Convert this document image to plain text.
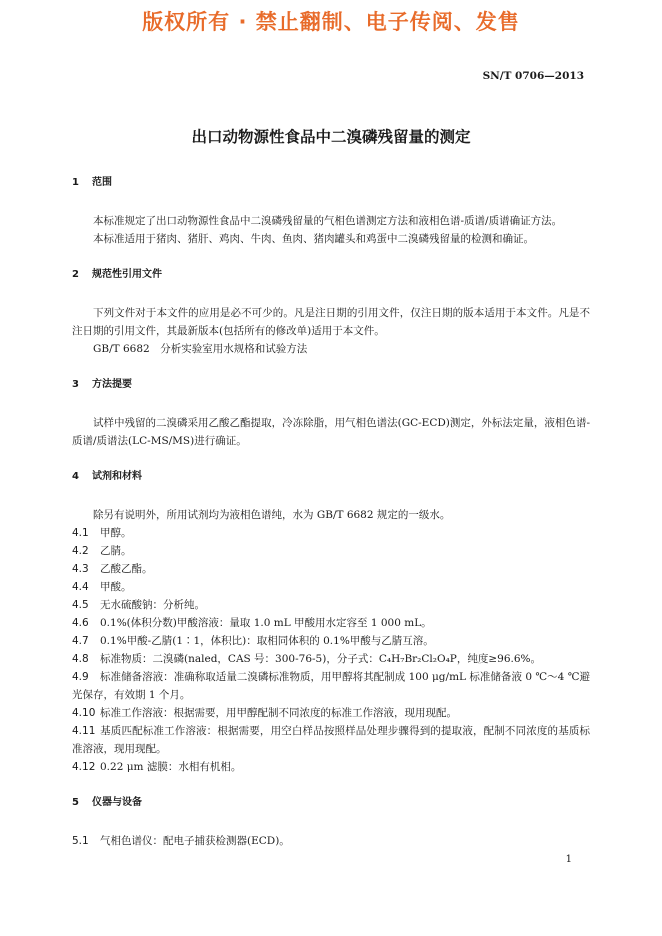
版权所有 · 禁止翻制、电子传阅、发售
SN/T 0706—2013
出口动物源性食品中二溴磷残留量的测定
1 范围

本标准规定了出口动物源性食品中二溴磷残留量的气相色谱测定方法和液相色谱-质谱/质谱确证方法。

本标准适用于猪肉、猪肝、鸡肉、牛肉、鱼肉、猪肉罐头和鸡蛋中二溴磷残留量的检测和确证。

2 规范性引用文件

下列文件对于本文件的应用是必不可少的。凡是注日期的引用文件，仅注日期的版本适用于本文件。凡是不注日期的引用文件，其最新版本(包括所有的修改单)适用于本文件。

GB/T 6682　分析实验室用水规格和试验方法

3 方法提要

试样中残留的二溴磷采用乙酸乙酯提取，冷冻除脂，用气相色谱法(GC-ECD)测定，外标法定量，液相色谱-质谱/质谱法(LC-MS/MS)进行确证。

4 试剂和材料

除另有说明外，所用试剂均为液相色谱纯，水为 GB/T 6682 规定的一级水。

4.1 甲醇。

4.2 乙腈。

4.3 乙酸乙酯。

4.4 甲酸。

4.5 无水硫酸钠：分析纯。

4.6 0.1%(体积分数)甲酸溶液：量取 1.0 mL 甲酸用水定容至 1 000 mL。

4.7 0.1%甲酸-乙腈(1∶1，体积比)：取相同体积的 0.1%甲酸与乙腈互溶。

4.8 标准物质：二溴磷(naled，CAS 号：300-76-5)，分子式：C₄H₇Br₂Cl₂O₄P，纯度≥96.6%。

4.9 标准储备溶液：准确称取适量二溴磷标准物质，用甲醇将其配制成 100 μg/mL 标准储备液 0 ℃～4 ℃避光保存，有效期 1 个月。

4.10 标准工作溶液：根据需要，用甲醇配制不同浓度的标准工作溶液，现用现配。

4.11 基质匹配标准工作溶液：根据需要，用空白样品按照样品处理步骤得到的提取液，配制不同浓度的基质标准溶液，现用现配。

4.12 0.22 μm 滤膜：水相有机相。

5 仪器与设备

5.1 气相色谱仪：配电子捕获检测器(ECD)。

1
